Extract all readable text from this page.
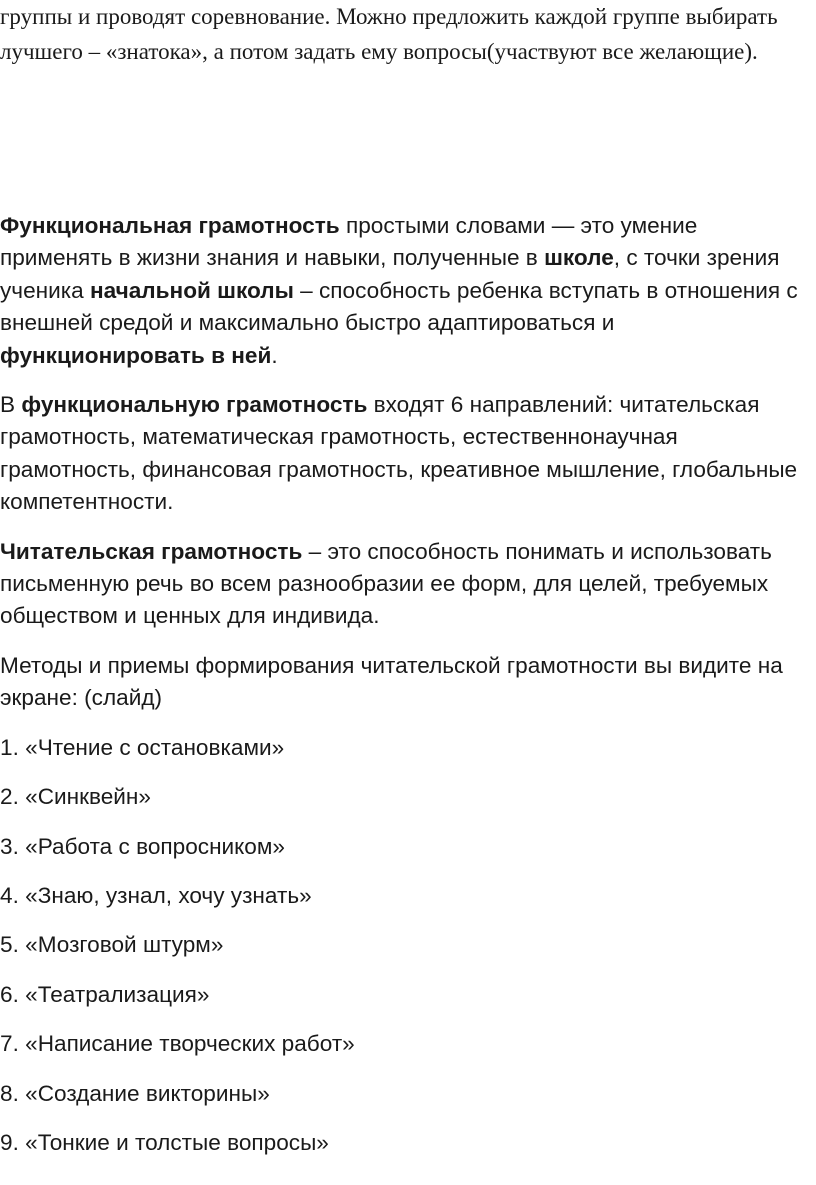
группы и проводят соревнование. Можно предложить каждой группе выбирать лучшего – «знатока», а потом задать ему вопросы(участвуют все желающие).

Функциональная грамотность простыми словами — это умение применять в жизни знания и навыки, полученные в школе, с точки зрения ученика начальной школы – способность ребенка вступать в отношения с внешней средой и максимально быстро адаптироваться и функционировать в ней.

В функциональную грамотность входят 6 направлений: читательская грамотность, математическая грамотность, естественнонаучная грамотность, финансовая грамотность, креативное мышление, глобальные компетентности.

Читательская грамотность – это способность понимать и использовать письменную речь во всем разнообразии ее форм, для целей, требуемых обществом и ценных для индивида.

Методы и приемы формирования читательской грамотности вы видите на экране: (слайд)

1. «Чтение с остановками»
2. «Синквейн»
3. «Работа с вопросником»
4. «Знаю, узнал, хочу узнать»
5. «Мозговой штурм»
6. «Театрализация»
7. «Написание творческих работ»
8. «Создание викторины»
9. «Тонкие и толстые вопросы»
